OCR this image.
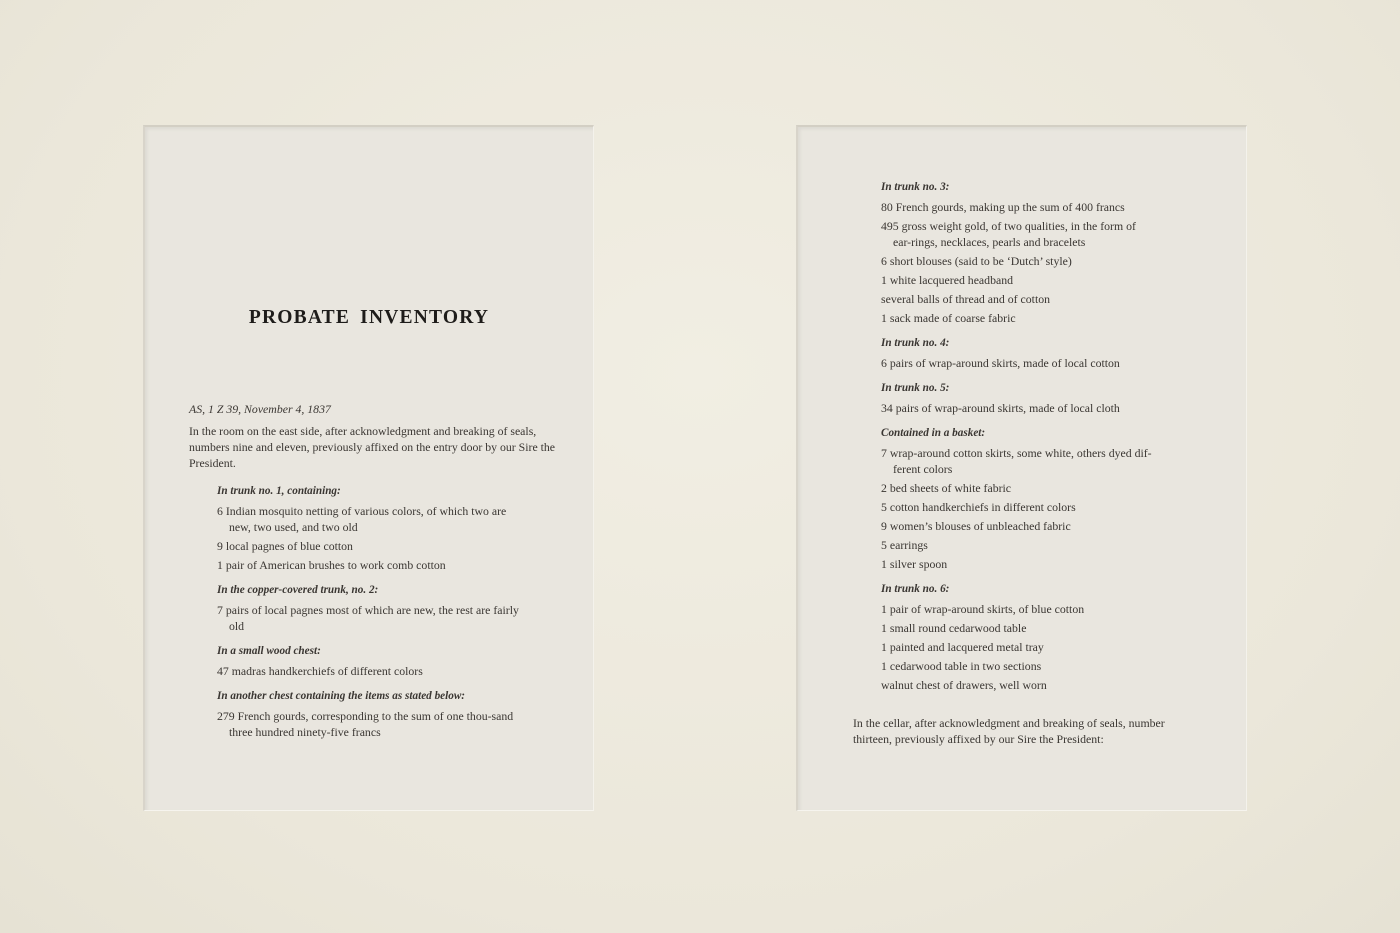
PROBATE INVENTORY

AS, 1 Z 39, November 4, 1837

In the room on the east side, after acknowledgment and breaking of seals, numbers nine and eleven, previously affixed on the entry door by our Sire the President.

In trunk no. 1, containing:

6 Indian mosquito netting of various colors, of which two are new, two used, and two old

9 local pagnes of blue cotton

1 pair of American brushes to work comb cotton

In the copper-covered trunk, no. 2:

7 pairs of local pagnes most of which are new, the rest are fairly old

In a small wood chest:

47 madras handkerchiefs of different colors

In another chest containing the items as stated below:

279 French gourds, corresponding to the sum of one thou-sand three hundred ninety-five francs

In trunk no. 3:

80 French gourds, making up the sum of 400 francs

495 gross weight gold, of two qualities, in the form of ear-rings, necklaces, pearls and bracelets

6 short blouses (said to be ‘Dutch’ style)

1 white lacquered headband

several balls of thread and of cotton

1 sack made of coarse fabric

In trunk no. 4:

6 pairs of wrap-around skirts, made of local cotton

In trunk no. 5:

34 pairs of wrap-around skirts, made of local cloth

Contained in a basket:

7 wrap-around cotton skirts, some white, others dyed dif-ferent colors

2 bed sheets of white fabric

5 cotton handkerchiefs in different colors

9 women’s blouses of unbleached fabric

5 earrings

1 silver spoon

In trunk no. 6:

1 pair of wrap-around skirts, of blue cotton

1 small round cedarwood table

1 painted and lacquered metal tray

1 cedarwood table in two sections

walnut chest of drawers, well worn

In the cellar, after acknowledgment and breaking of seals, number thirteen, previously affixed by our Sire the President:
